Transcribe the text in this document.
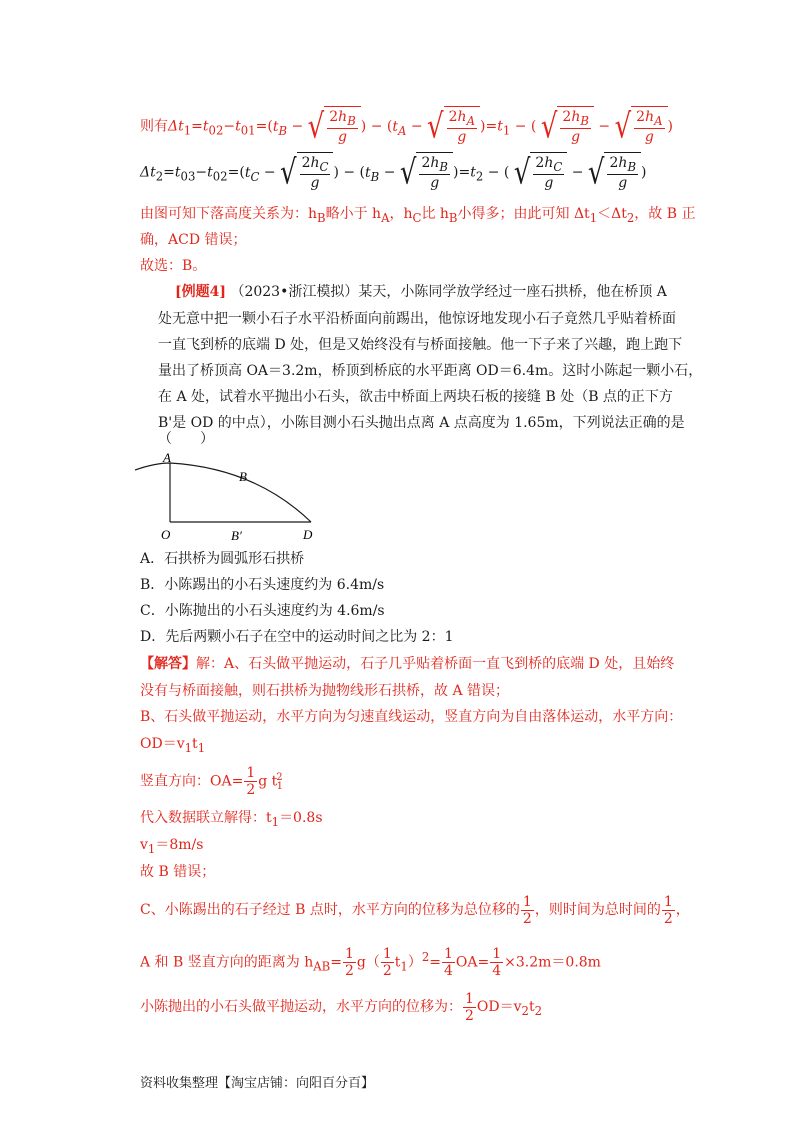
则有$\Delta t_1=t_{02}-t_{01}=(t_B$ − √ $\frac{2h_B}{g}$ ) − ($t_A$ − √ $\frac{2h_A}{g} )=t_1$ − ( √ $\frac{2h_B}{g}$ − √ $\frac{2h_A}{g}$ )
$\Delta t_2=t_{03}-t_{02}=(t_C$ − √ $\frac{2h_C}{g}$ ) − ($t_B$ − √ $\frac{2h_B}{g} )=t_2$ − ( √ $\frac{2h_C}{g}$ − √ $\frac{2h_B}{g}$ )
由图可知下落高度关系为：$h_B$略小于 $h_A$，$h_C$比 $h_B$小得多；由此可知 $\Delta t_1<\Delta t_2$，故 B 正
确，ACD 错误；
故选：B。
[例题4] （2023•浙江模拟）某天，小陈同学放学经过一座石拱桥，他在桥顶 A
处无意中把一颗小石子水平沿桥面向前踢出，他惊讶地发现小石子竟然几乎贴着桥面
一直飞到桥的底端 D 处，但是又始终没有与桥面接触。他一下子来了兴趣，跑上跑下
量出了桥顶高 OA＝3.2m，桥顶到桥底的水平距离 OD＝6.4m。这时小陈起一颗小石，
在 A 处，试着水平抛出小石头，欲击中桥面上两块石板的接缝 B 处（B 点的正下方
B'是 OD 的中点），小陈目测小石头抛出点离 A 点高度为 1.65m，下列说法正确的是
（　　）
A
B
O	B′	D
A．石拱桥为圆弧形石拱桥
B．小陈踢出的小石头速度约为 6.4m/s
C．小陈抛出的小石头速度约为 4.6m/s
D．先后两颗小石子在空中的运动时间之比为 2：1
【解答】解：A、石头做平抛运动，石子几乎贴着桥面一直飞到桥的底端 D 处，且始终
没有与桥面接触，则石拱桥为抛物线形石拱桥，故 A 错误；
B、石头做平抛运动，水平方向为匀速直线运动，竖直方向为自由落体运动，水平方向：
$OD=v_1t_1$
竖直方向：$OA= \frac{1}{2}$ g $t^2_1$
代入数据联立解得：$t_1=0.8s$
$v_1=8m/s$
故 B 错误；
C、小陈踢出的石子经过 B 点时，水平方向的位移为总位移的 $\frac{1}{2}$ ，则时间为总时间的 $\frac{1}{2}$ ，
A 和 B 竖直方向的距离为 $h_{AB}= \frac{1}{2} g( \frac{1}{2} t_1)^2= \frac{1}{4} OA= \frac{1}{4} \times 3.2m=0.8m$
小陈抛出的小石头做平抛运动，水平方向的位移为： $\frac{1}{2} OD=v_2t_2$
资料收集整理【淘宝店铺：向阳百分百】
